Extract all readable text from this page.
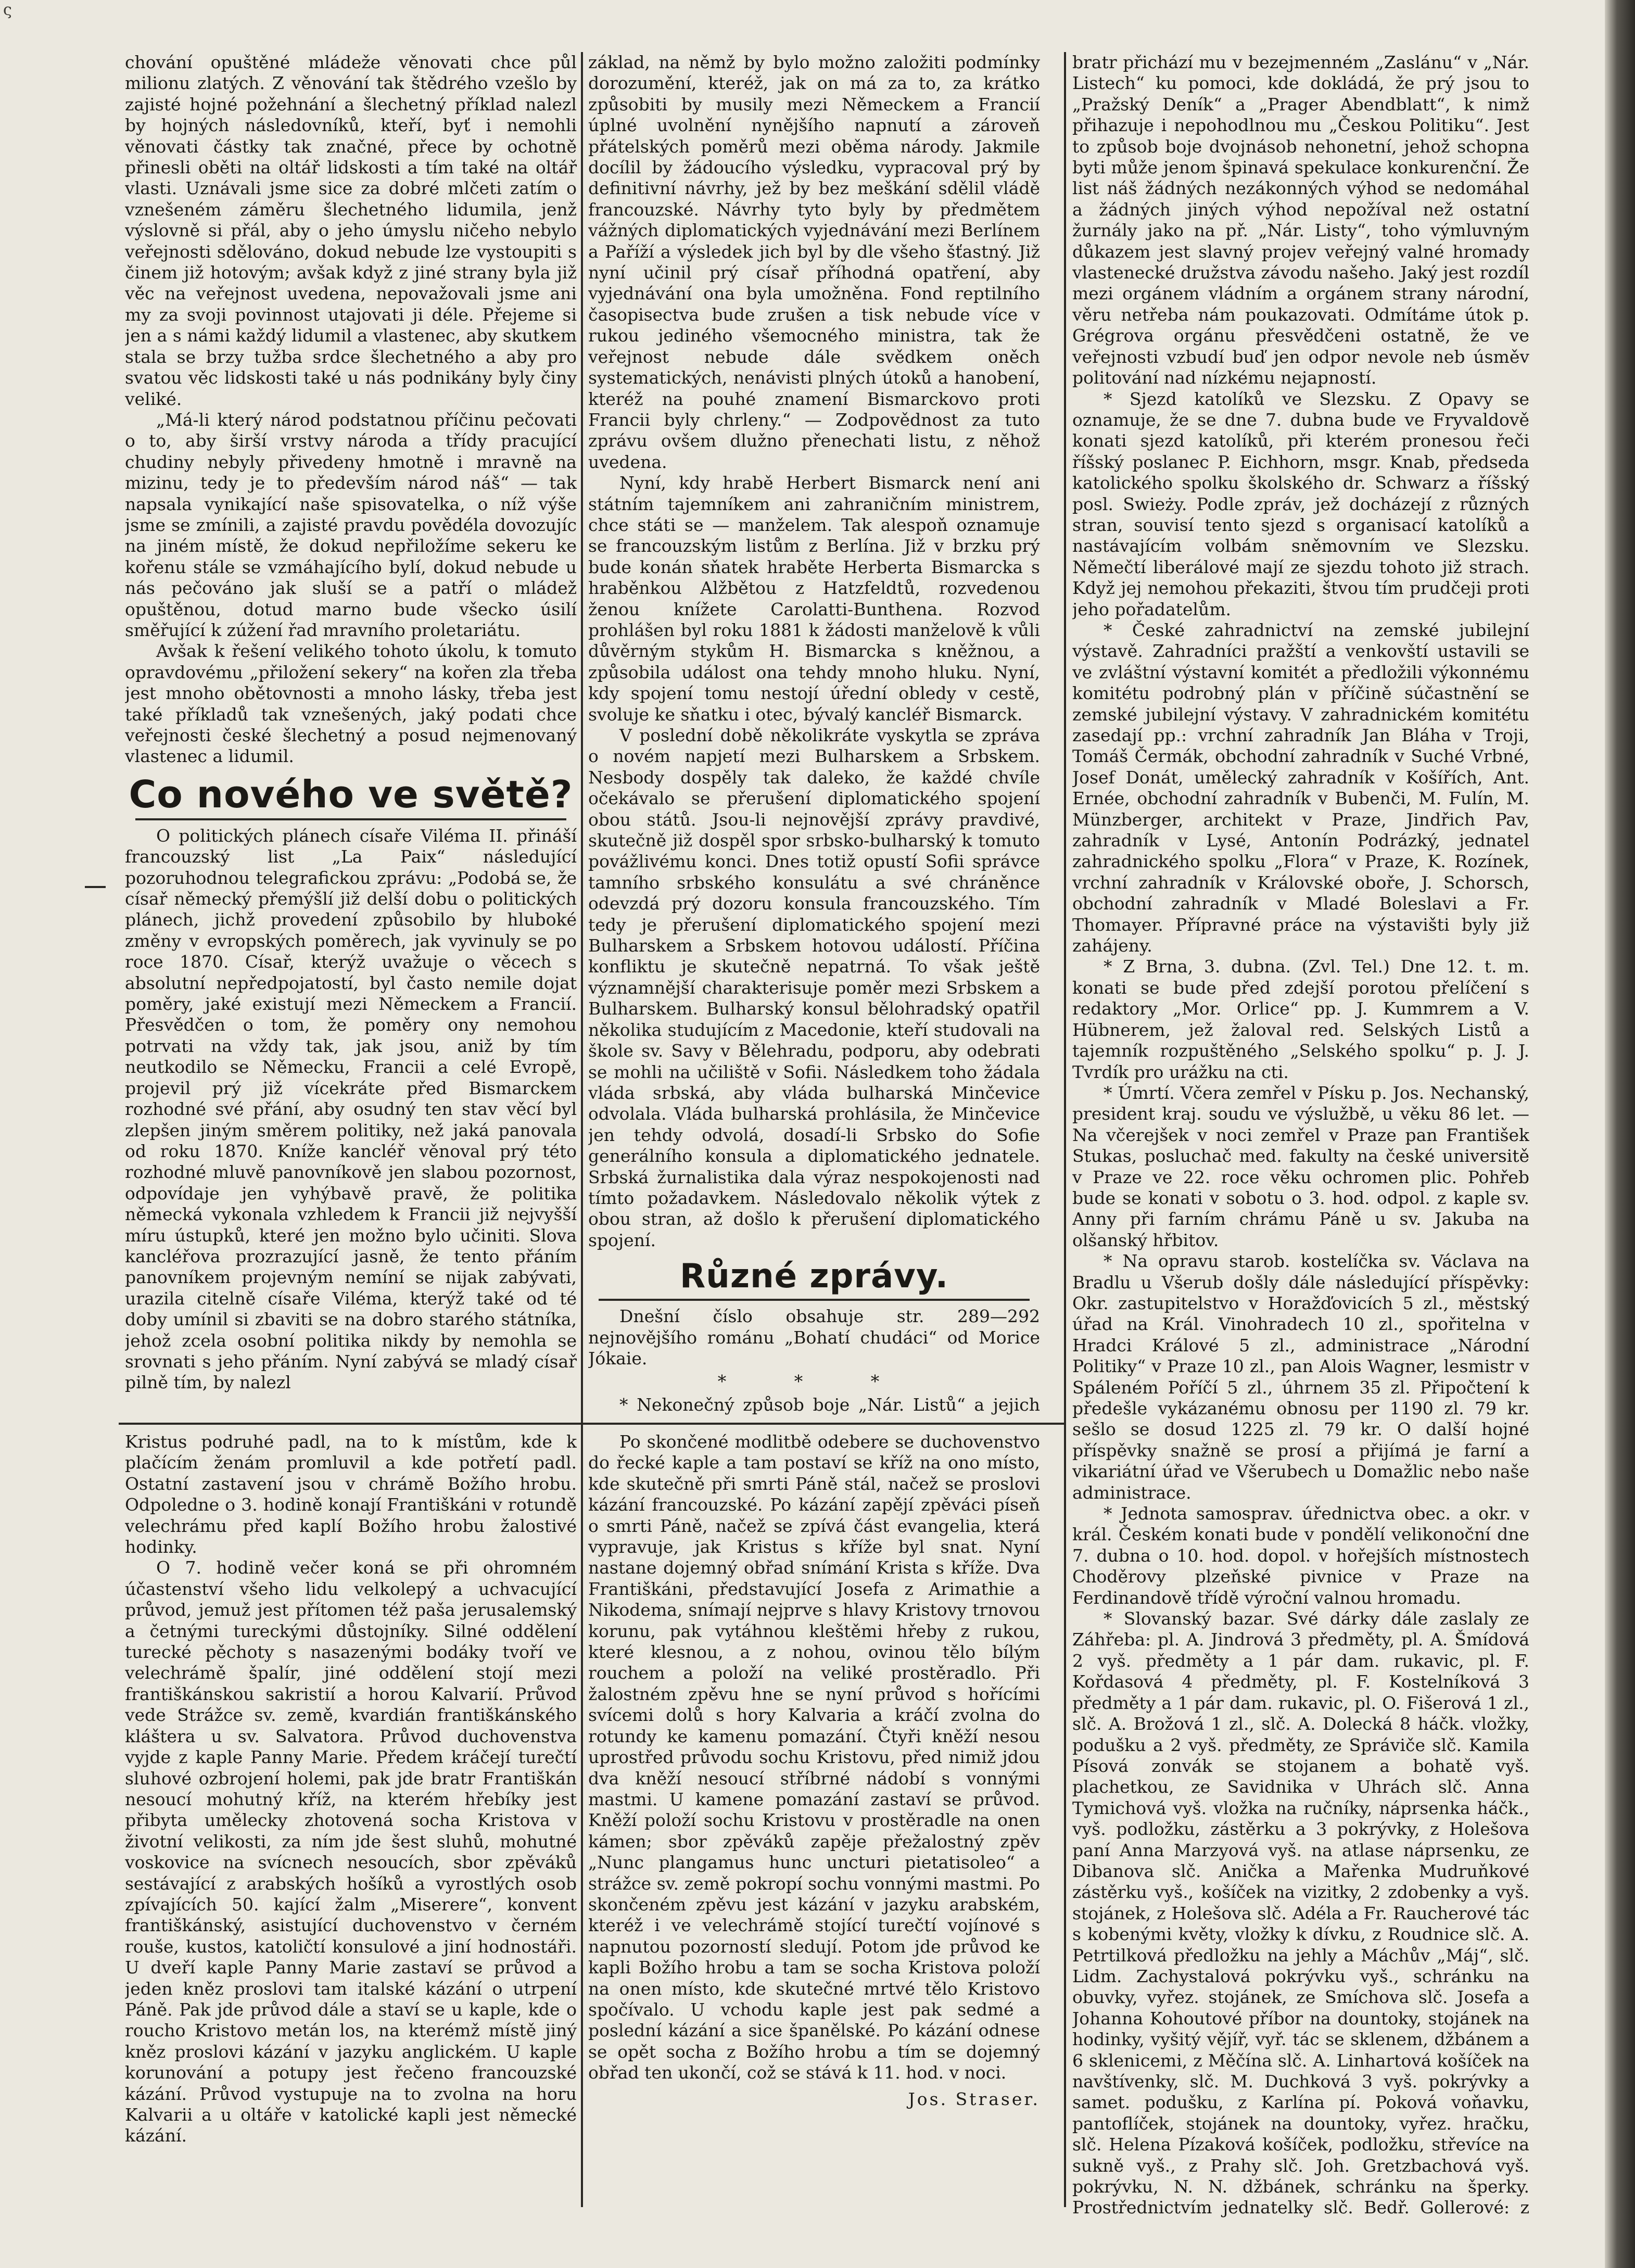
ς

chování opuštěné mládeže věnovati chce půl milionu zlatých. Z věnování tak štědrého vzešlo by zajisté hojné požehnání a šlechetný příklad nalezl by hojných následovníků, kteří, byť i nemohli věnovati částky tak značné, přece by ochotně přinesli oběti na oltář lidskosti a tím také na oltář vlasti. Uznávali jsme sice za dobré mlčeti zatím o vznešeném záměru šlechetného lidumila, jenž výslovně si přál, aby o jeho úmyslu ničeho nebylo veřejnosti sdělováno, dokud nebude lze vystoupiti s činem již hotovým; avšak když z jiné strany byla již věc na veřejnost uvedena, nepovažovali jsme ani my za svoji povinnost utajovati ji déle. Přejeme si jen a s námi každý lidumil a vlastenec, aby skutkem stala se brzy tužba srdce šlechetného a aby pro svatou věc lidskosti také u nás podnikány byly činy veliké.

„Má-li který národ podstatnou příčinu pečovati o to, aby širší vrstvy národa a třídy pracující chudiny nebyly přivedeny hmotně i mravně na mizinu, tedy je to především národ náš“ — tak napsala vynikající naše spisovatelka, o níž výše jsme se zmínili, a zajisté pravdu povědéla dovozujíc na jiném místě, že dokud nepřiložíme sekeru ke kořenu stále se vzmáhajícího bylí, dokud nebude u nás pečováno jak sluší se a patří o mládež opuštěnou, dotud marno bude všecko úsilí směřující k zúžení řad mravního proletariátu.

Avšak k řešení velikého tohoto úkolu, k tomuto opravdovému „přiložení sekery“ na kořen zla třeba jest mnoho obětovnosti a mnoho lásky, třeba jest také příkladů tak vznešených, jaký podati chce veřejnosti české šlechetný a posud nejmenovaný vlastenec a lidumil.

Co nového ve světě?

O politických plánech císaře Viléma II. přináší francouzský list „La Paix“ následující pozoruhodnou telegrafickou zprávu: „Podobá se, že císař německý přemýšlí již delší dobu o politických plánech, jichž provedení způsobilo by hluboké změny v evropských poměrech, jak vyvinuly se po roce 1870. Císař, kterýž uvažuje o věcech s absolutní nepředpojatostí, byl často nemile dojat poměry, jaké existují mezi Německem a Francií. Přesvědčen o tom, že poměry ony nemohou potrvati na vždy tak, jak jsou, aniž by tím neutkodilo se Německu, Francii a celé Evropě, projevil prý již vícekráte před Bismarckem rozhodné své přání, aby osudný ten stav věcí byl zlepšen jiným směrem politiky, než jaká panovala od roku 1870. Kníže kancléř věnoval prý této rozhodné mluvě panovníkově jen slabou pozornost, odpovídaje jen vyhýbavě pravě, že politika německá vykonala vzhledem k Francii již nejvyšší míru ústupků, které jen možno bylo učiniti. Slova kancléřova prozrazující jasně, že tento přáním panovníkem projevným nemíní se nijak zabývati, urazila citelně císaře Viléma, kterýž také od té doby umínil si zbaviti se na dobro starého státníka, jehož zcela osobní politika nikdy by nemohla se srovnati s jeho přáním. Nyní zabývá se mladý císař pilně tím, by nalezl

základ, na němž by bylo možno založiti podmínky dorozumění, kteréž, jak on má za to, za krátko způsobiti by musily mezi Německem a Francií úplné uvolnění nynějšího napnutí a zároveň přátelských poměrů mezi oběma národy. Jakmile docílil by žádoucího výsledku, vypracoval prý by definitivní návrhy, jež by bez meškání sdělil vládě francouzské. Návrhy tyto byly by předmětem vážných diplomatických vyjednávání mezi Berlínem a Paříží a výsledek jich byl by dle všeho šťastný. Již nyní učinil prý císař příhodná opatření, aby vyjednávání ona byla umožněna. Fond reptilního časopisectva bude zrušen a tisk nebude více v rukou jediného všemocného ministra, tak že veřejnost nebude dále svědkem oněch systematických, nenávisti plných útoků a hanobení, kteréž na pouhé znamení Bismarckovo proti Francii byly chrleny.“ — Zodpovědnost za tuto zprávu ovšem dlužno přenechati listu, z něhož uvedena.

Nyní, kdy hrabě Herbert Bismarck není ani státním tajemníkem ani zahraničním ministrem, chce státi se — manželem. Tak alespoň oznamuje se francouzským listům z Berlína. Již v brzku prý bude konán sňatek hraběte Herberta Bismarcka s hraběnkou Alžbětou z Hatzfeldtů, rozvedenou ženou knížete Carolatti-Bunthena. Rozvod prohlášen byl roku 1881 k žádosti manželově k vůli důvěrným stykům H. Bismarcka s kněžnou, a způsobila událost ona tehdy mnoho hluku. Nyní, kdy spojení tomu nestojí úřední obledy v cestě, svoluje ke sňatku i otec, bývalý kancléř Bismarck.

V poslední době několikráte vyskytla se zpráva o novém napjetí mezi Bulharskem a Srbskem. Nesbody dospěly tak daleko, že každé chvíle očekávalo se přerušení diplomatického spojení obou států. Jsou-li nejnovější zprávy pravdivé, skutečně již dospěl spor srbsko-bulharský k tomuto povážlivému konci. Dnes totiž opustí Sofii správce tamního srbského konsulátu a své chráněnce odevzdá prý dozoru konsula francouzského. Tím tedy je přerušení diplomatického spojení mezi Bulharskem a Srbskem hotovou událostí. Příčina konfliktu je skutečně nepatrná. To však ještě významnější charakterisuje poměr mezi Srbskem a Bulharskem. Bulharský konsul bělohradský opatřil několika studujícím z Macedonie, kteří studovali na škole sv. Savy v Bělehradu, podporu, aby odebrati se mohli na učiliště v Sofii. Následkem toho žádala vláda srbská, aby vláda bulharská Minčevice odvolala. Vláda bulharská prohlásila, že Minčevice jen tehdy odvolá, dosadí-li Srbsko do Sofie generálního konsula a diplomatického jednatele. Srbská žurnalistika dala výraz nespokojenosti nad tímto požadavkem. Následovalo několik výtek z obou stran, až došlo k přerušení diplomatického spojení.

Různé zprávy.

Dnešní číslo obsahuje str. 289—292 nejnovějšího románu „Bohatí chudáci“ od Morice Jókaie.

* * *

* Nekonečný způsob boje „Nár. Listů“ a jejich

bratr přichází mu v bezejmenném „Zaslánu“ v „Nár. Listech“ ku pomoci, kde dokládá, že prý jsou to „Pražský Deník“ a „Prager Abendblatt“, k nimž přihazuje i nepohodlnou mu „Českou Politiku“. Jest to způsob boje dvojnásob nehonetní, jehož schopna byti může jenom špinavá spekulace konkurenční. Že list náš žádných nezákonných výhod se nedomáhal a žádných jiných výhod nepožíval než ostatní žurnály jako na př. „Nár. Listy“, toho výmluvným důkazem jest slavný projev veřejný valné hromady vlastenecké družstva závodu našeho. Jaký jest rozdíl mezi orgánem vládním a orgánem strany národní, věru netřeba nám poukazovati. Odmítáme útok p. Grégrova orgánu přesvědčeni ostatně, že ve veřejnosti vzbudí buď jen odpor nevole neb úsměv politování nad nízkému nejapností.

* Sjezd katolíků ve Slezsku. Z Opavy se oznamuje, že se dne 7. dubna bude ve Fryvaldově konati sjezd katolíků, při kterém pronesou řeči říšský poslanec P. Eichhorn, msgr. Knab, předseda katolického spolku školského dr. Schwarz a říšský posl. Swieży. Podle zpráv, jež docházejí z různých stran, souvisí tento sjezd s organisací katolíků a nastávajícím volbám sněmovním ve Slezsku. Němečtí liberálové mají ze sjezdu tohoto již strach. Když jej nemohou překaziti, štvou tím prudčeji proti jeho pořadatelům.

* České zahradnictví na zemské jubilejní výstavě. Zahradníci pražští a venkovští ustavili se ve zvláštní výstavní komitét a předložili výkonnému komitétu podrobný plán v příčině súčastnění se zemské jubilejní výstavy. V zahradnickém komitétu zasedají pp.: vrchní zahradník Jan Bláha v Troji, Tomáš Čermák, obchodní zahradník v Suché Vrbné, Josef Donát, umělecký zahradník v Košířích, Ant. Ernée, obchodní zahradník v Bubenči, M. Fulín, M. Münzberger, architekt v Praze, Jindřich Pav, zahradník v Lysé, Antonín Podrázký, jednatel zahradnického spolku „Flora“ v Praze, K. Rozínek, vrchní zahradník v Královské oboře, J. Schorsch, obchodní zahradník v Mladé Boleslavi a Fr. Thomayer. Přípravné práce na výstavišti byly již zahájeny.

* Z Brna, 3. dubna. (Zvl. Tel.) Dne 12. t. m. konati se bude před zdejší porotou přelíčení s redaktory „Mor. Orlice“ pp. J. Kummrem a V. Hübnerem, jež žaloval red. Selských Listů a tajemník rozpuštěného „Selského spolku“ p. J. J. Tvrdík pro urážku na cti.

* Úmrtí. Včera zemřel v Písku p. Jos. Nechanský, president kraj. soudu ve výslužbě, u věku 86 let. — Na včerejšek v noci zemřel v Praze pan František Stukas, posluchač med. fakulty na české universitě v Praze ve 22. roce věku ochromen plic. Pohřeb bude se konati v sobotu o 3. hod. odpol. z kaple sv. Anny při farním chrámu Páně u sv. Jakuba na olšanský hřbitov.

* Na opravu starob. kostelíčka sv. Václava na Bradlu u Všerub došly dále následující příspěvky: Okr. zastupitelstvo v Horažďovicích 5 zl., městský úřad na Král. Vinohradech 10 zl., spořitelna v Hradci Králové 5 zl., administrace „Národní Politiky“ v Praze 10 zl., pan Alois Wagner, lesmistr v Spáleném Poříčí 5 zl., úhrnem 35 zl. Připočtení k předešle vykázanému obnosu per 1190 zl. 79 kr. sešlo se dosud 1225 zl. 79 kr. O další hojné příspěvky snažně se prosí a přijímá je farní a vikariátní úřad ve Všerubech u Domažlic nebo naše administrace.

* Jednota samosprav. úřednictva obec. a okr. v král. Českém konati bude v pondělí velikonoční dne 7. dubna o 10. hod. dopol. v hořejších místnostech Choděrovy plzeňské pivnice v Praze na Ferdinandově třídě výroční valnou hromadu.

* Slovanský bazar. Své dárky dále zaslaly ze Záhřeba: pl. A. Jindrová 3 předměty, pl. A. Šmídová 2 vyš. předměty a 1 pár dam. rukavic, pl. F. Kořdasová 4 předměty, pl. F. Kostelníková 3 předměty a 1 pár dam. rukavic, pl. O. Fišerová 1 zl., slč. A. Brožová 1 zl., slč. A. Dolecká 8 háčk. vložky, podušku a 2 vyš. předměty, ze Správiče slč. Kamila Písová zonvák se stojanem a bohatě vyš. plachetkou, ze Savidnika v Uhrách slč. Anna Tymichová vyš. vložka na ručníky, náprsenka háčk., vyš. podložku, zástěrku a 3 pokrývky, z Holešova paní Anna Marzyová vyš. na atlase náprsenku, ze Dibanova slč. Anička a Mařenka Mudruňkové zástěrku vyš., košíček na vizitky, 2 zdobenky a vyš. stojánek, z Holešova slč. Adéla a Fr. Raucherové tác s kobenými květy, vložky k dívku, z Roudnice slč. A. Petrtilková předložku na jehly a Máchův „Máj“, slč. Lidm. Zachystalová pokrývku vyš., schránku na obuvky, vyřez. stojánek, ze Smíchova slč. Josefa a Johanna Kohoutové příbor na dountoky, stojánek na hodinky, vyšitý vějíř, vyř. tác se sklenem, džbánem a 6 sklenicemi, z Měčína slč. A. Linhartová košíček na navštívenky, slč. M. Duchková 3 vyš. pokrývky a samet. podušku, z Karlína pí. Poková voňavku, pantoflíček, stojánek na dountoky, vyřez. hračku, slč. Helena Pízaková košíček, podložku, střevíce na sukně vyš., z Prahy slč. Joh. Gretzbachová vyš. pokrývku, N. N. džbánek, schránku na šperky. Prostřednictvím jednatelky slč. Bedř. Gollerové: z

Kristus podruhé padl, na to k místům, kde k plačícím ženám promluvil a kde potřetí padl. Ostatní zastavení jsou v chrámě Božího hrobu. Odpoledne o 3. hodině konají Františkáni v rotundě velechrámu před kaplí Božího hrobu žalostivé hodinky.

O 7. hodině večer koná se při ohromném účastenství všeho lidu velkolepý a uchvacující průvod, jemuž jest přítomen též paša jerusalemský a četnými tureckými důstojníky. Silné oddělení turecké pěchoty s nasazenými bodáky tvoří ve velechrámě špalír, jiné oddělení stojí mezi františkánskou sakristií a horou Kalvarií. Průvod vede Strážce sv. země, kvardián františkánského kláštera u sv. Salvatora. Průvod duchovenstva vyjde z kaple Panny Marie. Předem kráčejí turečtí sluhové ozbrojení holemi, pak jde bratr Františkán nesoucí mohutný kříž, na kterém hřebíky jest přibyta umělecky zhotovená socha Kristova v životní velikosti, za ním jde šest sluhů, mohutné voskovice na svícnech nesoucích, sbor zpěváků sestávající z arabských hošíků a vyrostlých osob zpívajících 50. kající žalm „Miserere“, konvent františkánský, asistující duchovenstvo v černém rouše, kustos, katoličtí konsulové a jiní hodnostáři. U dveří kaple Panny Marie zastaví se průvod a jeden kněz proslovi tam italské kázání o utrpení Páně. Pak jde průvod dále a staví se u kaple, kde o roucho Kristovo metán los, na kterémž místě jiný kněz proslovi kázání v jazyku anglickém. U kaple korunování a potupy jest řečeno francouzské kázání. Průvod vystupuje na to zvolna na horu Kalvarii a u oltáře v katolické kapli jest německé kázání.

Po skončené modlitbě odebere se duchovenstvo do řecké kaple a tam postaví se kříž na ono místo, kde skutečně při smrti Páně stál, načež se proslovi kázání francouzské. Po kázání zapějí zpěváci píseň o smrti Páně, načež se zpívá část evangelia, která vypravuje, jak Kristus s kříže byl snat. Nyní nastane dojemný obřad snímání Krista s kříže. Dva Františkáni, představující Josefa z Arimathie a Nikodema, snímají nejprve s hlavy Kristovy trnovou korunu, pak vytáhnou kleštěmi hřeby z rukou, které klesnou, a z nohou, ovinou tělo bílým rouchem a položí na veliké prostěradlo. Při žalostném zpěvu hne se nyní průvod s hořícími svícemi dolů s hory Kalvaria a kráčí zvolna do rotundy ke kamenu pomazání. Čtyři kněží nesou uprostřed průvodu sochu Kristovu, před nimiž jdou dva kněží nesoucí stříbrné nádobí s vonnými mastmi. U kamene pomazání zastaví se průvod. Kněží položí sochu Kristovu v prostěradle na onen kámen; sbor zpěváků zapěje přežalostný zpěv „Nunc plangamus hunc uncturi pietatisoleo“ a strážce sv. země pokropí sochu vonnými mastmi. Po skončeném zpěvu jest kázání v jazyku arabském, kteréž i ve velechrámě stojící turečtí vojínové s napnutou pozorností sledují. Potom jde průvod ke kapli Božího hrobu a tam se socha Kristova položí na onen místo, kde skutečné mrtvé tělo Kristovo spočívalo. U vchodu kaple jest pak sedmé a poslední kázání a sice španělské. Po kázání odnese se opět socha z Božího hrobu a tím se dojemný obřad ten ukončí, což se stává k 11. hod. v noci.

Jos. Straser.
